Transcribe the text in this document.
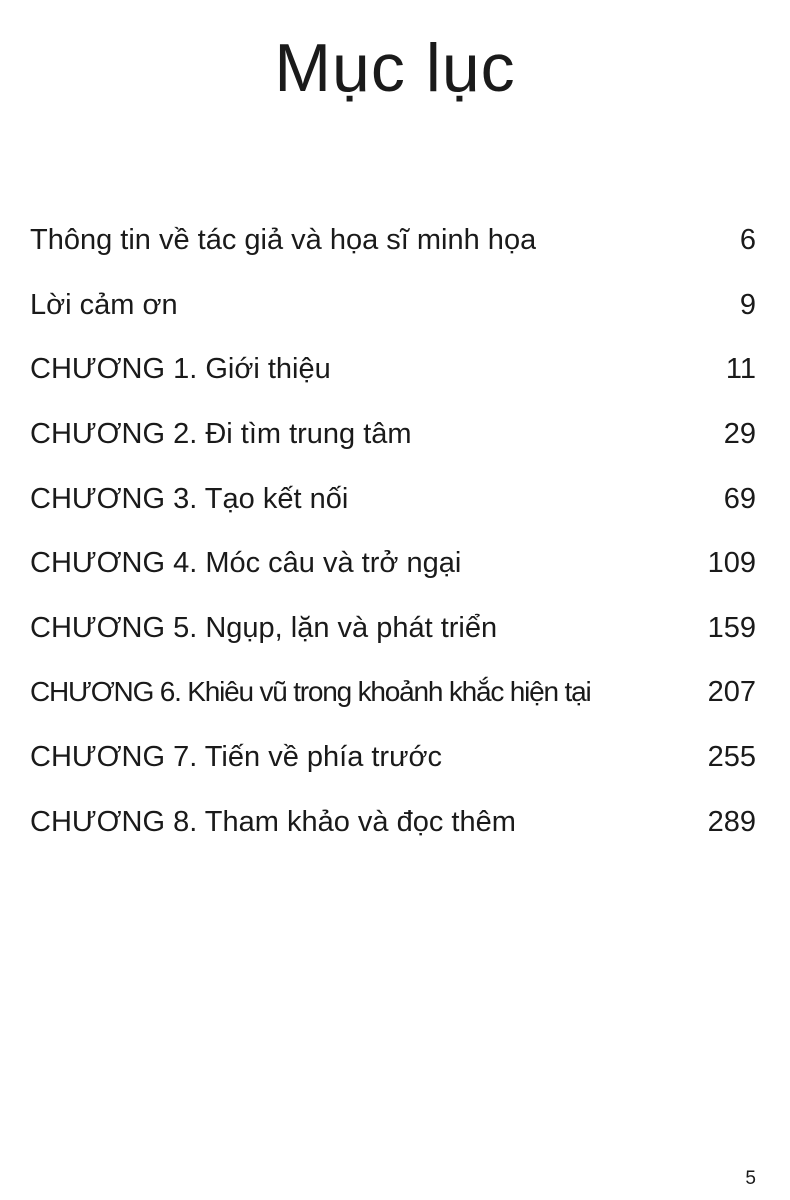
Mục lục
Thông tin về tác giả và họa sĩ minh họa	6
Lời cảm ơn	9
CHƯƠNG 1. Giới thiệu	11
CHƯƠNG 2. Đi tìm trung tâm	29
CHƯƠNG 3. Tạo kết nối	69
CHƯƠNG 4. Móc câu và trở ngại	109
CHƯƠNG 5. Ngụp, lặn và phát triển	159
CHƯƠNG 6. Khiêu vũ trong khoảnh khắc hiện tại	207
CHƯƠNG 7. Tiến về phía trước	255
CHƯƠNG 8. Tham khảo và đọc thêm	289

5
